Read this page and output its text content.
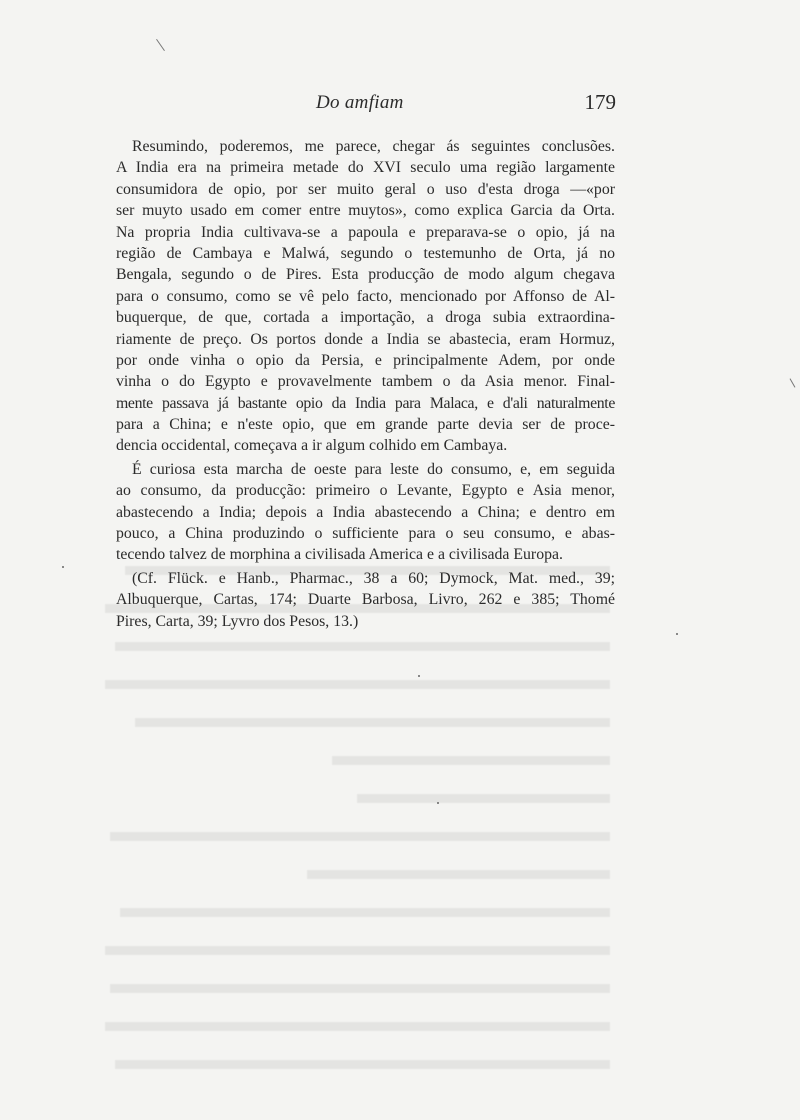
Do amfiam	179
Resumindo, poderemos, me parece, chegar ás seguintes conclusões.
A India era na primeira metade do XVI seculo uma região largamente
consumidora de opio, por ser muito geral o uso d'esta droga —«por
ser muyto usado em comer entre muytos», como explica Garcia da Orta.
Na propria India cultivava-se a papoula e preparava-se o opio, já na
região de Cambaya e Malwá, segundo o testemunho de Orta, já no
Bengala, segundo o de Pires. Esta producção de modo algum chegava
para o consumo, como se vê pelo facto, mencionado por Affonso de Al-
buquerque, de que, cortada a importação, a droga subia extraordina-
riamente de preço. Os portos donde a India se abastecia, eram Hormuz,
por onde vinha o opio da Persia, e principalmente Adem, por onde
vinha o do Egypto e provavelmente tambem o da Asia menor. Final-
mente passava já bastante opio da India para Malaca, e d'ali naturalmente
para a China; e n'este opio, que em grande parte devia ser de proce-
dencia occidental, começava a ir algum colhido em Cambaya.
É curiosa esta marcha de oeste para leste do consumo, e, em seguida
ao consumo, da producção: primeiro o Levante, Egypto e Asia menor,
abastecendo a India; depois a India abastecendo a China; e dentro em
pouco, a China produzindo o sufficiente para o seu consumo, e abas-
tecendo talvez de morphina a civilisada America e a civilisada Europa.
(Cf. Flück. e Hanb., Pharmac., 38 a 60; Dymock, Mat. med., 39;
Albuquerque, Cartas, 174; Duarte Barbosa, Livro, 262 e 385; Thomé
Pires, Carta, 39; Lyvro dos Pesos, 13.)
